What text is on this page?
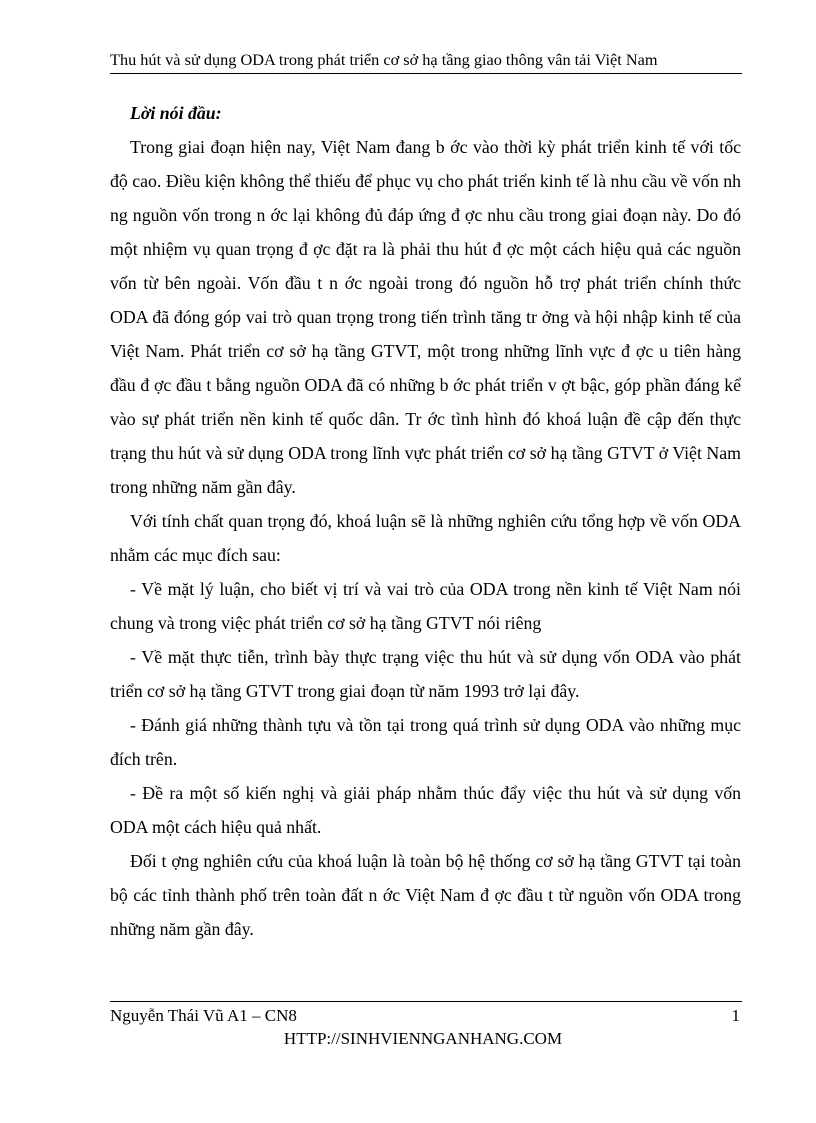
Thu hút và sử dụng ODA trong phát triển cơ sở hạ tầng giao thông vân tải Việt Nam

Lời nói đầu:

Trong giai đoạn hiện nay, Việt Nam đang b ớc vào thời kỳ phát triển kinh tế với tốc độ cao. Điều kiện không thể thiếu để phục vụ cho phát triển kinh tế là nhu cầu về vốn nh ng nguồn vốn trong n ớc lại không đủ đáp ứng đ ợc nhu cầu trong giai đoạn này. Do đó một nhiệm vụ quan trọng đ ợc đặt ra là phải thu hút đ ợc một cách hiệu quả các nguồn vốn từ bên ngoài. Vốn đầu t n ớc ngoài trong đó nguồn hỗ trợ phát triển chính thức ODA đã đóng góp vai trò quan trọng trong tiến trình tăng tr ởng và hội nhập kinh tế của Việt Nam. Phát triển cơ sở hạ tầng GTVT, một trong những lĩnh vực đ ợc u tiên hàng đầu đ ợc đầu t bằng nguồn ODA đã có những b ớc phát triển v ợt bậc, góp phần đáng kể vào sự phát triển nền kinh tế quốc dân. Tr ớc tình hình đó khoá luận đề cập đến thực trạng thu hút và sử dụng ODA trong lĩnh vực phát triển cơ sở hạ tầng GTVT ở Việt Nam trong những năm gần đây.

Với tính chất quan trọng đó, khoá luận sẽ là những nghiên cứu tổng hợp về vốn ODA nhằm các mục đích sau:

- Về mặt lý luận, cho biết vị trí và vai trò của ODA trong nền kinh tế Việt Nam nói chung và trong việc phát triển cơ sở hạ tầng GTVT nói riêng

- Về mặt thực tiễn, trình bày thực trạng việc thu hút và sử dụng vốn ODA vào phát triển cơ sở hạ tầng GTVT trong giai đoạn từ năm 1993 trở lại đây.

- Đánh giá những thành tựu và tồn tại trong quá trình sử dụng ODA vào những mục đích trên.

- Đề ra một số kiến nghị và giải pháp nhằm thúc đẩy việc thu hút và sử dụng vốn ODA một cách hiệu quả nhất.

Đối t ợng nghiên cứu của khoá luận là toàn bộ hệ thống cơ sở hạ tầng GTVT tại toàn bộ các tỉnh thành phố trên toàn đất n ớc Việt Nam đ ợc đầu t từ nguồn vốn ODA trong những năm gần đây.

Nguyễn Thái Vũ A1 – CN8	1
HTTP://SINHVIENNGANHANG.COM
